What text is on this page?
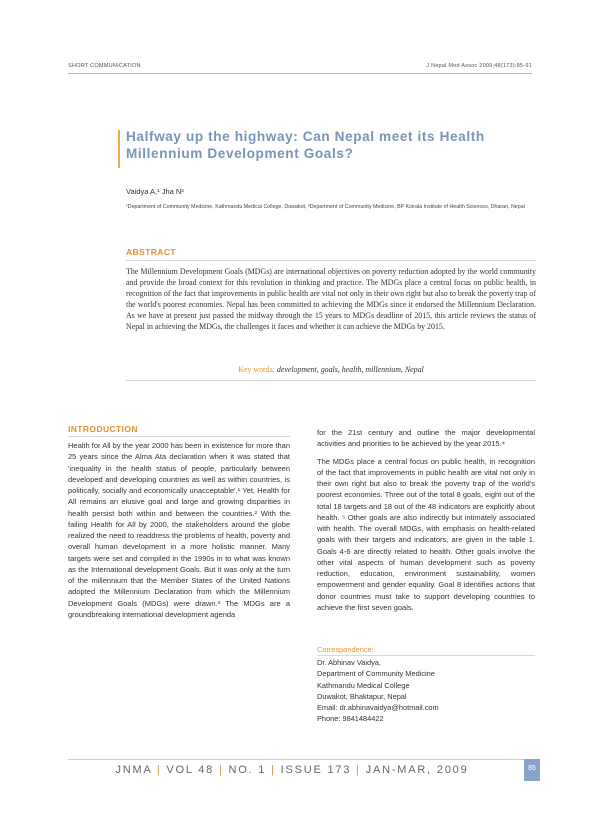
SHORT COMMUNICATION	J Nepal Med Assoc 2009;48(173):85-91
Halfway up the highway: Can Nepal meet its Health Millennium Development Goals?
Vaidya A,¹ Jha N²
¹Department of Community Medicine, Kathmandu Medical College, Duwakot, ²Department of Community Medicine, BP Koirala Institute of Health Sciences, Dharan, Nepal
ABSTRACT
The Millennium Development Goals (MDGs) are international objectives on poverty reduction adopted by the world community and provide the broad context for this revolution in thinking and practice. The MDGs place a central focus on public health, in recognition of the fact that improvements in public health are vital not only in their own right but also to break the poverty trap of the world's poorest economies. Nepal has been committed to achieving the MDGs since it endorsed the Millennium Declaration. As we have at present just passed the midway through the 15 years to MDGs deadline of 2015, this article reviews the status of Nepal in achieving the MDGs, the challenges it faces and whether it can achieve the MDGs by 2015.
Key words: development, goals, health, millennium, Nepal
INTRODUCTION

Health for All by the year 2000 has been in existence for more than 25 years since the Alma Ata declaration when it was stated that 'inequality in the health status of people, particularly between developed and developing countries as well as within countries, is politically, socially and economically unacceptable'.¹ Yet, Health for All remains an elusive goal and large and growing disparities in health persist both within and between the countries.² With the failing Health for All by 2000, the stakeholders around the globe realized the need to readdress the problems of health, poverty and overall human development in a more holistic manner. Many targets were set and compiled in the 1990s in to what was known as the International development Goals. But it was only at the turn of the millennium that the Member States of the United Nations adopted the Millennium Declaration from which the Millennium Development Goals (MDGs) were drawn.³ The MDGs are a groundbreaking international development agenda

for the 21st century and outline the major developmental activities and priorities to be achieved by the year 2015.⁴

The MDGs place a central focus on public health, in recognition of the fact that improvements in public health are vital not only in their own right but also to break the poverty trap of the world's poorest economies. Three out of the total 8 goals, eight out of the total 18 targets and 18 out of the 48 indicators are explicitly about health. ⁵ Other goals are also indirectly but intimately associated with health. The overall MDGs, with emphasis on health-related goals with their targets and indicators, are given in the table 1. Goals 4-6 are directly related to health. Other goals involve the other vital aspects of human development such as poverty reduction, education, environment sustainability, women empowerment and gender equality. Goal 8 identifies actions that donor countries must take to support developing countries to achieve the first seven goals.

Correspondence:
Dr. Abhinav Vaidya,
Department of Community Medicine
Kathmandu Medical College
Duwakot, Bhaktapur, Nepal
Email: dr.abhinavaidya@hotmail.com
Phone: 9841484422
JNMA | VOL 48 | NO. 1 | ISSUE 173 | JAN-MAR, 2009	85
